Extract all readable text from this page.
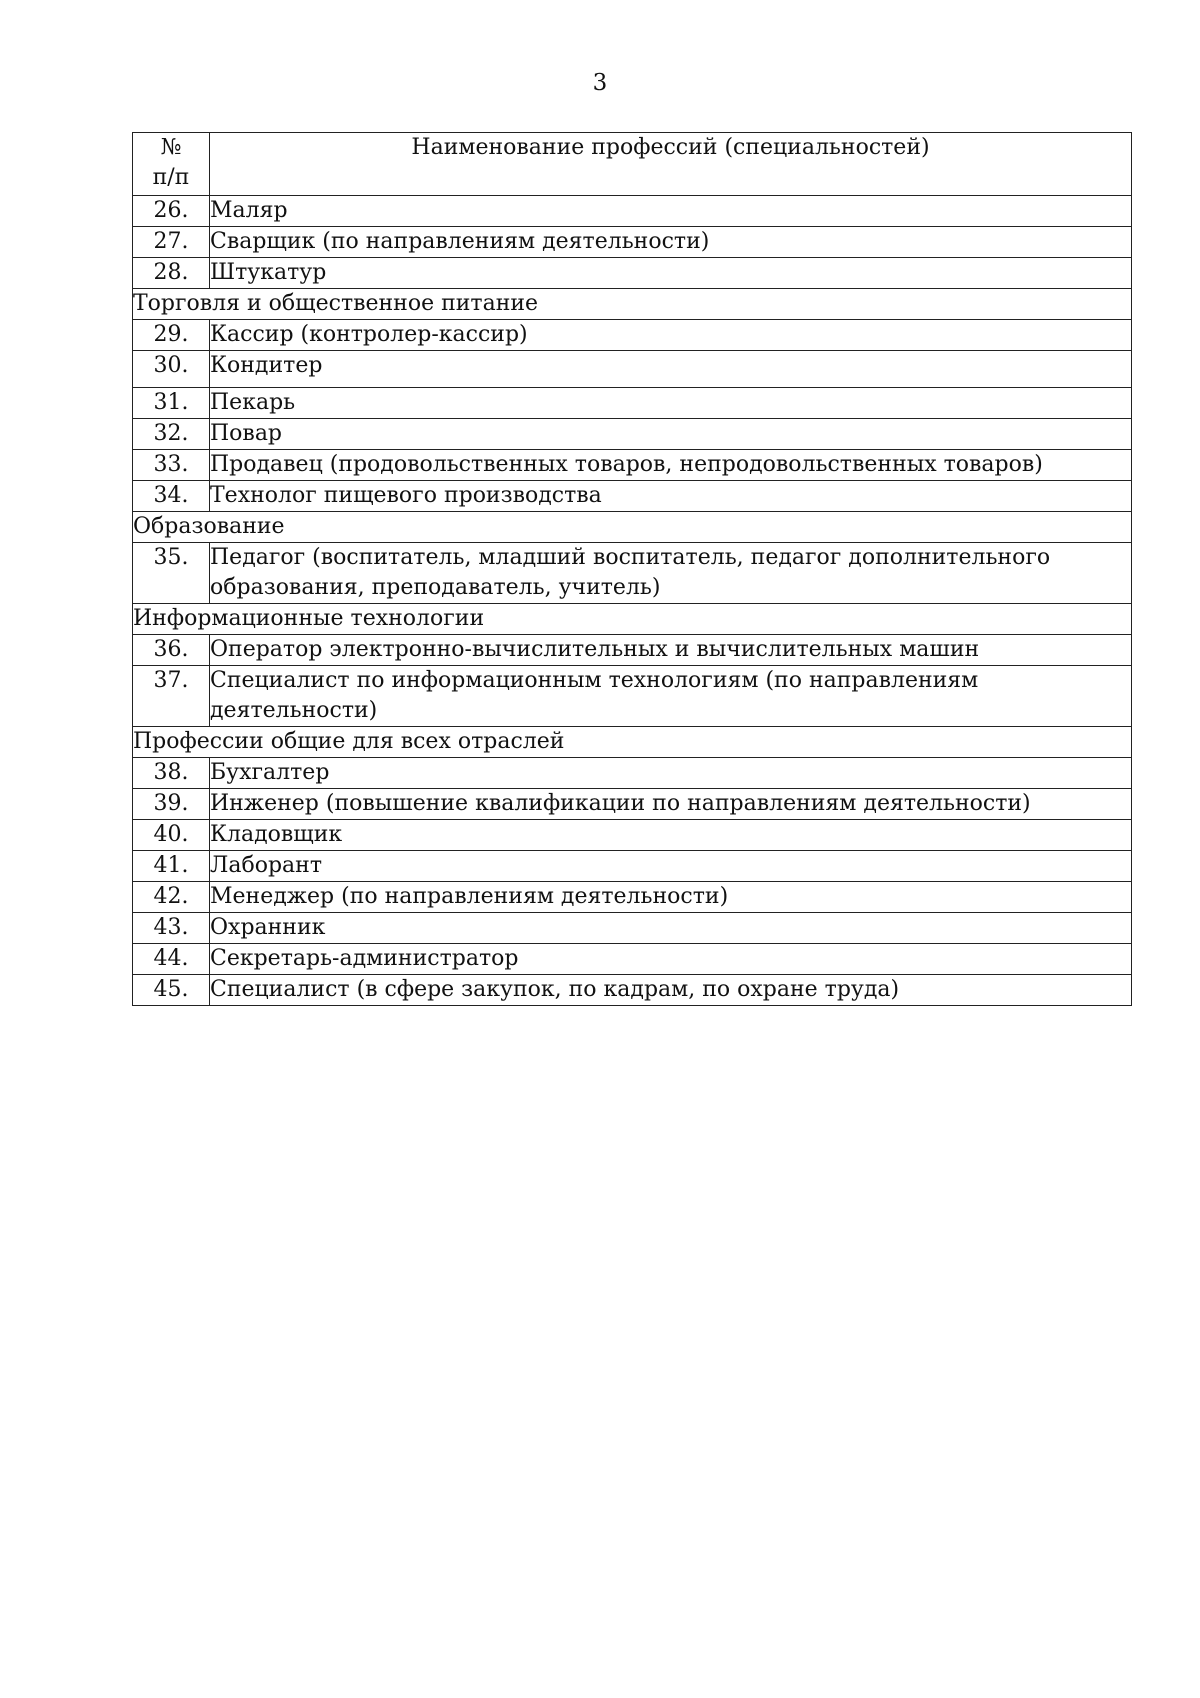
3
№
п/п	Наименование профессий (специальностей)
26.	Маляр
27.	Сварщик (по направлениям деятельности)
28.	Штукатур
Торговля и общественное питание	
29.	Кассир (контролер-кассир)
30.	Кондитер
31.	Пекарь
32.	Повар
33.	Продавец (продовольственных товаров, непродовольственных товаров)
34.	Технолог пищевого производства
Образование	
35.	Педагог (воспитатель, младший воспитатель, педагог дополнительного
образования, преподаватель, учитель)

Информационные технологии	
36.	Оператор электронно-вычислительных и вычислительных машин
37.	Специалист по информационным технологиям (по направлениям
деятельности)

Профессии общие для всех отраслей	
38.	Бухгалтер
39.	Инженер (повышение квалификации по направлениям деятельности)
40.	Кладовщик
41.	Лаборант
42.	Менеджер (по направлениям деятельности)
43.	Охранник
44.	Секретарь-администратор
45.	Специалист (в сфере закупок, по кадрам, по охране труда)
